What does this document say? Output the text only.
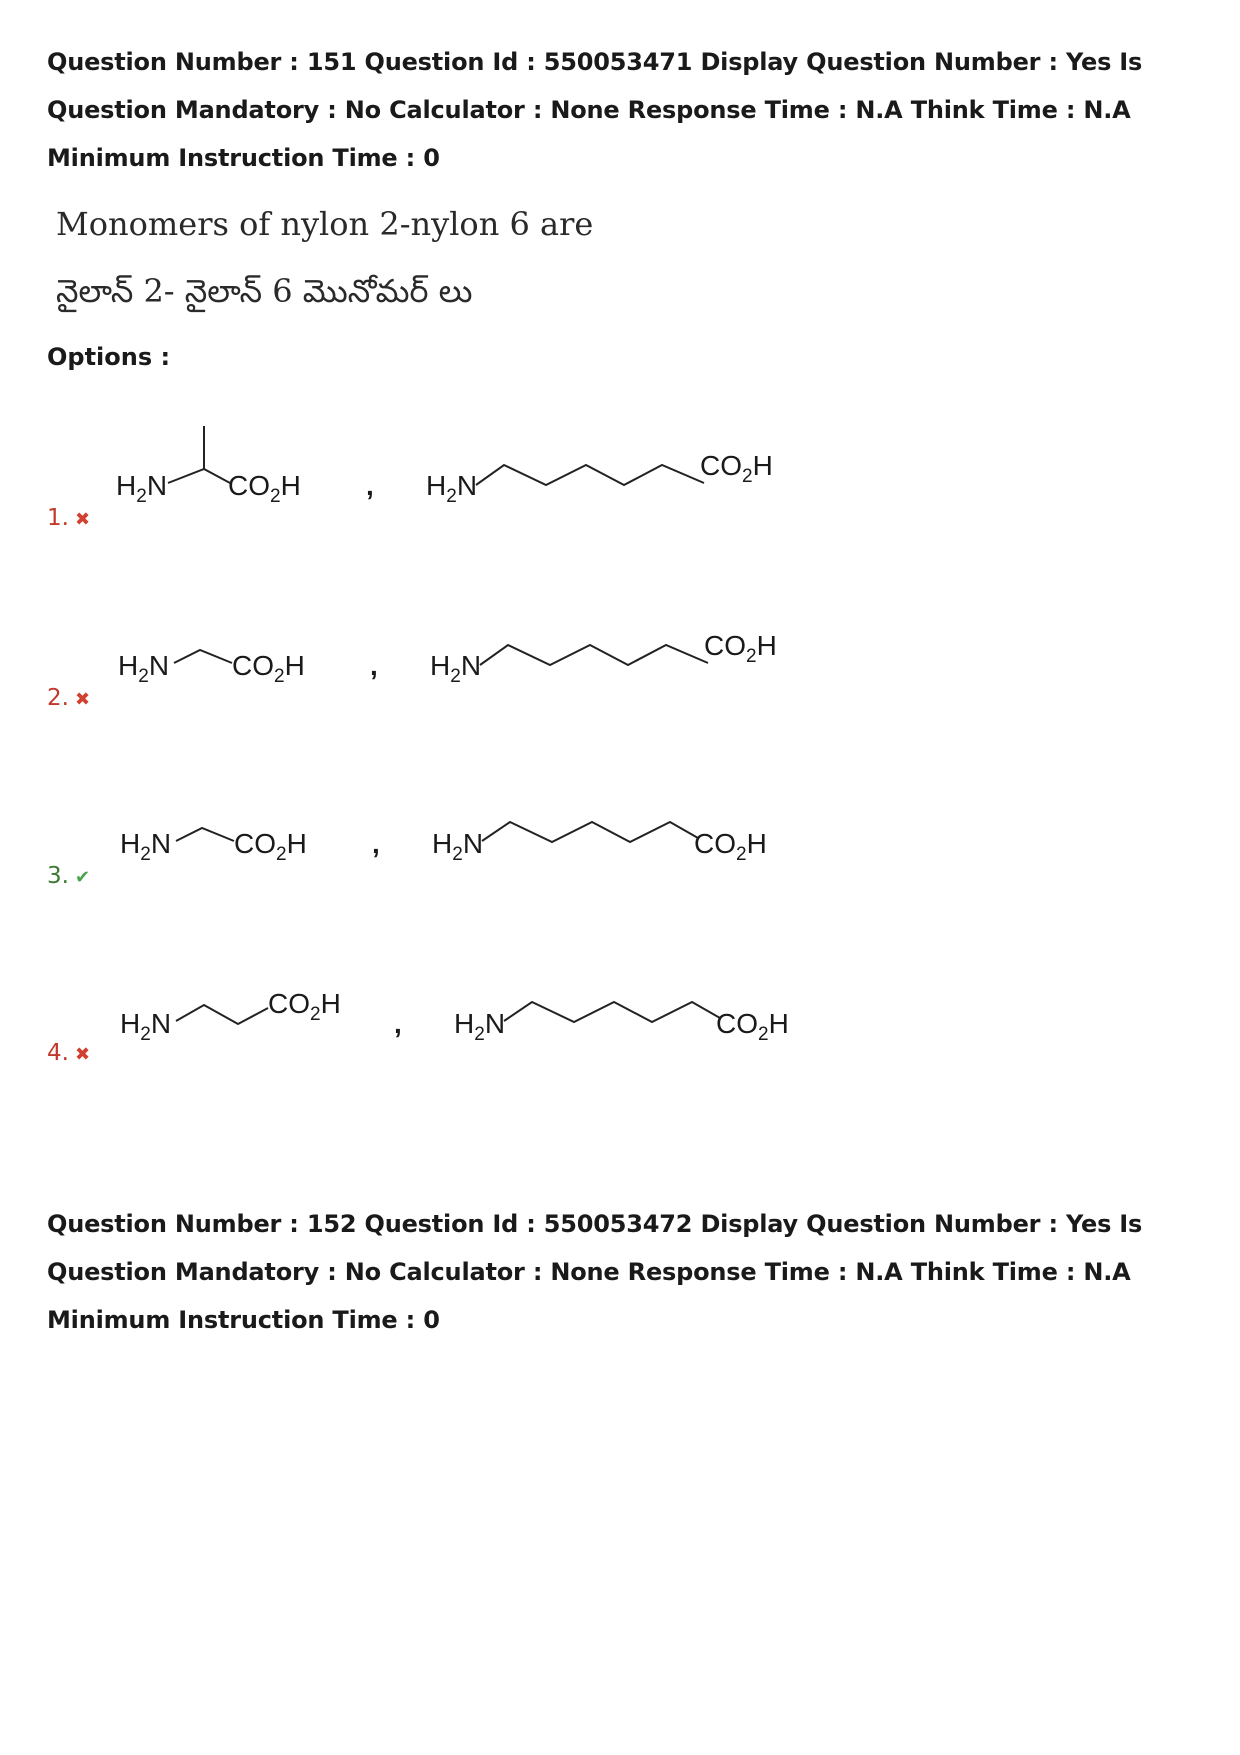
Question Number : 151 Question Id : 550053471 Display Question Number : Yes Is Question Mandatory : No Calculator : None Response Time : N.A Think Time : N.A Minimum Instruction Time : 0
Monomers of nylon 2-nylon 6 are
నైలాన్ 2- నైలాన్ 6 మొనోమర్ లు
Options :
1. ✖
$H_2N$ $CO_2H$ , $H_2N$
$CO_2H$
2. ✖
$H_2N$ $CO_2H$ , $H_2N$
$CO_2H$
3. ✔
$H_2N$ $CO_2H$ , $H_2N$	$CO_2H$
4. ✖
$H_2N$
$CO_2H$
, $H_2N$	$CO_2H$
Question Number : 152 Question Id : 550053472 Display Question Number : Yes Is Question Mandatory : No Calculator : None Response Time : N.A Think Time : N.A Minimum Instruction Time : 0
